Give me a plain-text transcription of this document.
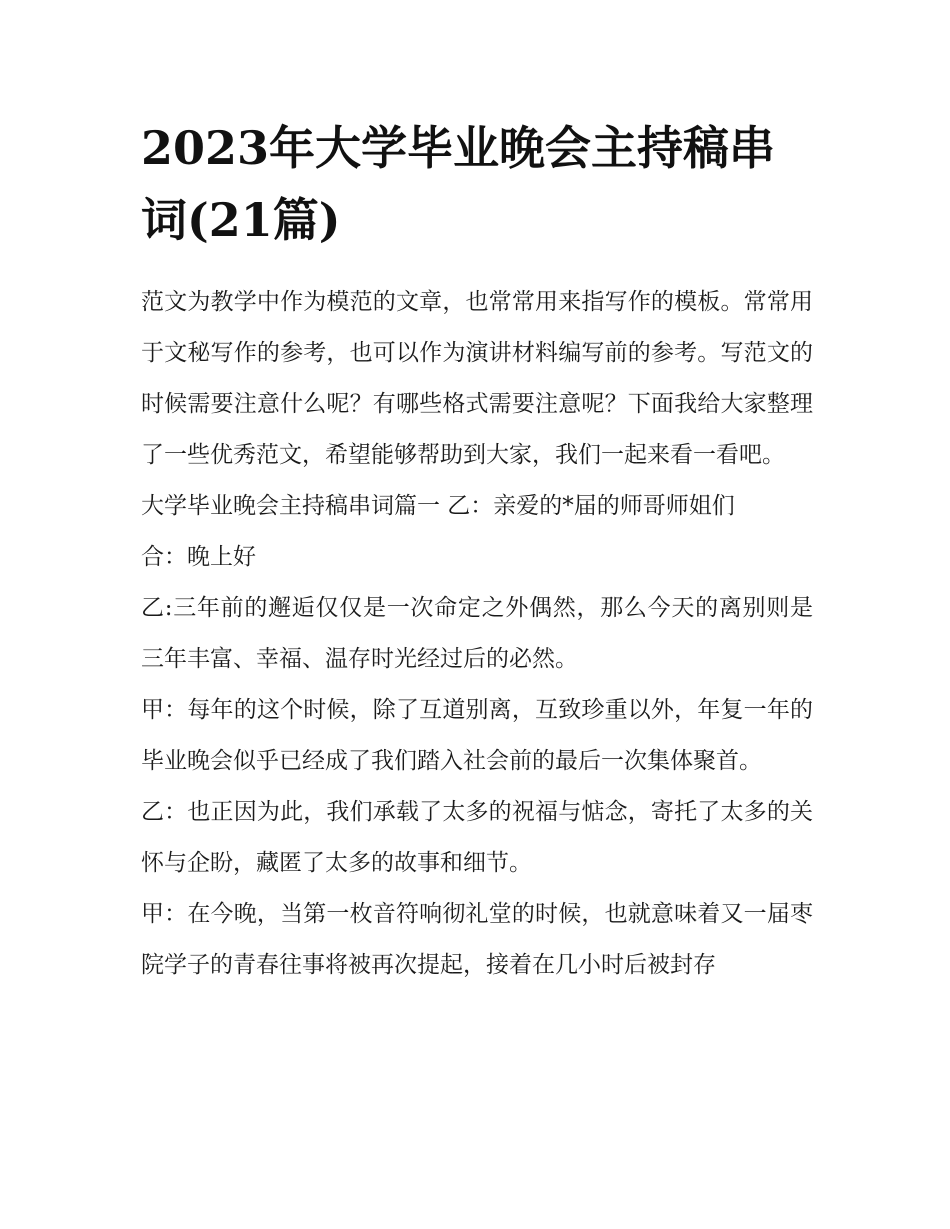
2023年大学毕业晚会主持稿串词(21篇)

范文为教学中作为模范的文章，也常常用来指写作的模板。常常用于文秘写作的参考，也可以作为演讲材料编写前的参考。写范文的时候需要注意什么呢？有哪些格式需要注意呢？下面我给大家整理了一些优秀范文，希望能够帮助到大家，我们一起来看一看吧。

大学毕业晚会主持稿串词篇一 乙：亲爱的*届的师哥师姐们

合：晚上好

乙:三年前的邂逅仅仅是一次命定之外偶然，那么今天的离别则是三年丰富、幸福、温存时光经过后的必然。

甲：每年的这个时候，除了互道别离，互致珍重以外，年复一年的毕业晚会似乎已经成了我们踏入社会前的最后一次集体聚首。

乙：也正因为此，我们承载了太多的祝福与惦念，寄托了太多的关怀与企盼，藏匿了太多的故事和细节。

甲：在今晚，当第一枚音符响彻礼堂的时候，也就意味着又一届枣院学子的青春往事将被再次提起，接着在几小时后被封存
